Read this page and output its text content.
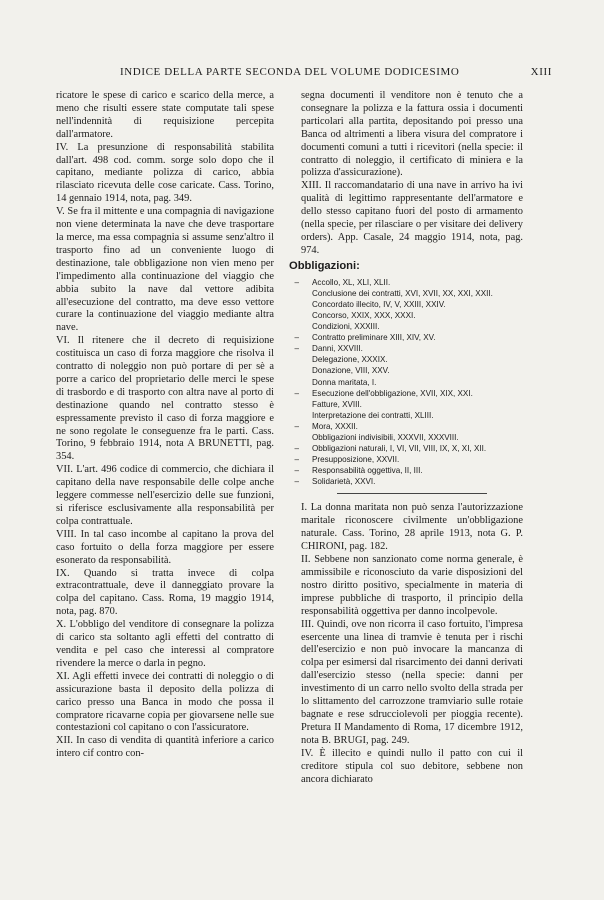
INDICE DELLA PARTE SECONDA DEL VOLUME DODICESIMO	XIII

ricatore le spese di carico e scarico della merce, a meno che risulti essere state computate tali spese nell'indennità di requisizione percepita dall'armatore.

IV. La presunzione di responsabilità stabilita dall'art. 498 cod. comm. sorge solo dopo che il capitano, mediante polizza di carico, abbia rilasciato ricevuta delle cose caricate. Cass. Torino, 14 gennaio 1914, nota, pag. 349.

V. Se fra il mittente e una compagnia di navigazione non viene determinata la nave che deve trasportare la merce, ma essa compagnia si assume senz'altro il trasporto fino ad un conveniente luogo di destinazione, tale obbligazione non vien meno per l'impedimento alla continuazione del viaggio che abbia subito la nave dal vettore adibita all'esecuzione del contratto, ma deve esso vettore curare la continuazione del viaggio mediante altra nave.

VI. Il ritenere che il decreto di requisizione costituisca un caso di forza maggiore che risolva il contratto di noleggio non può portare di per sè a porre a carico del proprietario delle merci le spese di trasbordo e di trasporto con altra nave al porto di destinazione quando nel contratto stesso è espressamente previsto il caso di forza maggiore e ne sono regolate le conseguenze fra le parti. Cass. Torino, 9 febbraio 1914, nota A BRUNETTI, pag. 354.

VII. L'art. 496 codice di commercio, che dichiara il capitano della nave responsabile delle colpe anche leggere commesse nell'esercizio delle sue funzioni, si riferisce esclusivamente alla responsabilità per colpa contrattuale.

VIII. In tal caso incombe al capitano la prova del caso fortuito o della forza maggiore per essere esonerato da responsabilità.

IX. Quando si tratta invece di colpa extracontrattuale, deve il danneggiato provare la colpa del capitano. Cass. Roma, 19 maggio 1914, nota, pag. 870.

X. L'obbligo del venditore di consegnare la polizza di carico sta soltanto agli effetti del contratto di vendita e pel caso che interessi al compratore rivendere la merce o darla in pegno.

XI. Agli effetti invece dei contratti di noleggio o di assicurazione basta il deposito della polizza di carico presso una Banca in modo che possa il compratore ricavarne copia per giovarsene nelle sue contestazioni col capitano o con l'assicuratore.

XII. In caso di vendita di quantità inferiore a carico intero cif contro con-

segna documenti il venditore non è tenuto che a consegnare la polizza e la fattura ossia i documenti particolari alla partita, depositando poi presso una Banca od altrimenti a libera visura del compratore i documenti comuni a tutti i ricevitori (nella specie: il contratto di noleggio, il certificato di miniera e la polizza d'assicurazione).

XIII. Il raccomandatario di una nave in arrivo ha ivi qualità di legittimo rappresentante dell'armatore e dello stesso capitano fuori del posto di armamento (nella specie, per rilasciare o per visitare dei delivery orders). App. Casale, 24 maggio 1914, nota, pag. 974.

Obbligazioni:
– Accollo, XL, XLI, XLII.
Conclusione dei contratti, XVI, XVII, XX, XXI, XXII.
Concordato illecito, IV, V, XXIII, XXIV.
Concorso, XXIX, XXX, XXXI.
Condizioni, XXXIII.
– Contratto preliminare XIII, XIV, XV.
– Danni, XXVIII.
Delegazione, XXXIX.
Donazione, VIII, XXV.
Donna maritata, I.
– Esecuzione dell'obbligazione, XVII, XIX, XXI.
Fatture, XVIII.
Interpretazione dei contratti, XLIII.
– Mora, XXXII.
Obbligazioni indivisibili, XXXVII, XXXVIII.
– Obbligazioni naturali, I, VI, VII, VIII, IX, X, XI, XII.
– Presupposizione, XXVII.
– Responsabilità oggettiva, II, III.
– Solidarietà, XXVI.

I. La donna maritata non può senza l'autorizzazione maritale riconoscere civilmente un'obbligazione naturale. Cass. Torino, 28 aprile 1913, nota G. P. CHIRONI, pag. 182.

II. Sebbene non sanzionato come norma generale, è ammissibile e riconosciuto da varie disposizioni del nostro diritto positivo, specialmente in materia di imprese pubbliche di trasporto, il principio della responsabilità oggettiva per danno incolpevole.

III. Quindi, ove non ricorra il caso fortuito, l'impresa esercente una linea di tramvie è tenuta per i rischi dell'esercizio e non può invocare la mancanza di colpa per esimersi dal risarcimento dei danni derivati dall'esercizio stesso (nella specie: danni per investimento di un carro nello svolto della strada per lo slittamento del carrozzone tramviario sulle rotaie bagnate e rese sdrucciolevoli per pioggia recente). Pretura II Mandamento di Roma, 17 dicembre 1912, nota B. BRUGI, pag. 249.

IV. È illecito e quindi nullo il patto con cui il creditore stipula col suo debitore, sebbene non ancora dichiarato
